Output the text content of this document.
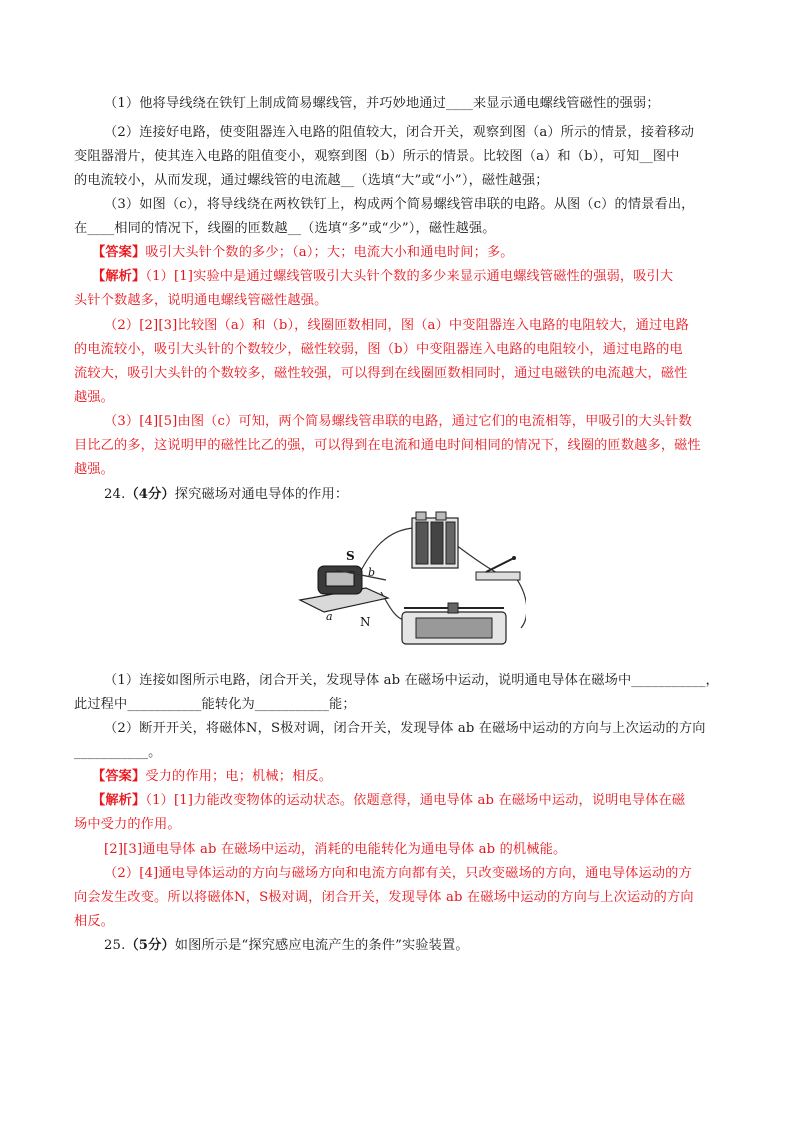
（1）他将导线绕在铁钉上制成简易螺线管，并巧妙地通过____来显示通电螺线管磁性的强弱；
（2）连接好电路，使变阻器连入电路的阻值较大，闭合开关，观察到图（a）所示的情景，接着移动
变阻器滑片，使其连入电路的阻值变小，观察到图（b）所示的情景。比较图（a）和（b），可知__图中
的电流较小，从而发现，通过螺线管的电流越__（选填“大”或“小”），磁性越强；
（3）如图（c），将导线绕在两枚铁钉上，构成两个简易螺线管串联的电路。从图（c）的情景看出，
在____相同的情况下，线圈的匝数越__（选填“多”或“少”），磁性越强。
【答案】吸引大头针个数的多少；（a）；大；电流大小和通电时间；多。
【解析】（1）[1]实验中是通过螺线管吸引大头针个数的多少来显示通电螺线管磁性的强弱，吸引大
头针个数越多，说明通电螺线管磁性越强。
（2）[2][3]比较图（a）和（b），线圈匝数相同，图（a）中变阻器连入电路的电阻较大，通过电路
的电流较小，吸引大头针的个数较少，磁性较弱，图（b）中变阻器连入电路的电阻较小，通过电路的电
流较大，吸引大头针的个数较多，磁性较强，可以得到在线圈匝数相同时，通过电磁铁的电流越大，磁性
越强。
（3）[4][5]由图（c）可知，两个简易螺线管串联的电路，通过它们的电流相等，甲吸引的大头针数
目比乙的多，这说明甲的磁性比乙的强，可以得到在电流和通电时间相同的情况下，线圈的匝数越多，磁性
越强。
24.（4分）探究磁场对通电导体的作用：
S
N
a
b
（1）连接如图所示电路，闭合开关，发现导体 ab 在磁场中运动，说明通电导体在磁场中___________，
此过程中___________能转化为___________能；
（2）断开开关，将磁体N，S极对调，闭合开关，发现导体 ab 在磁场中运动的方向与上次运动的方向
___________。
【答案】受力的作用；电；机械；相反。
【解析】（1）[1]力能改变物体的运动状态。依题意得，通电导体 ab 在磁场中运动，说明电导体在磁
场中受力的作用。
[2][3]通电导体 ab 在磁场中运动，消耗的电能转化为通电导体 ab 的机械能。
（2）[4]通电导体运动的方向与磁场方向和电流方向都有关，只改变磁场的方向，通电导体运动的方
向会发生改变。所以将磁体N，S极对调，闭合开关，发现导体 ab 在磁场中运动的方向与上次运动的方向
相反。
25.（5分）如图所示是“探究感应电流产生的条件”实验装置。
